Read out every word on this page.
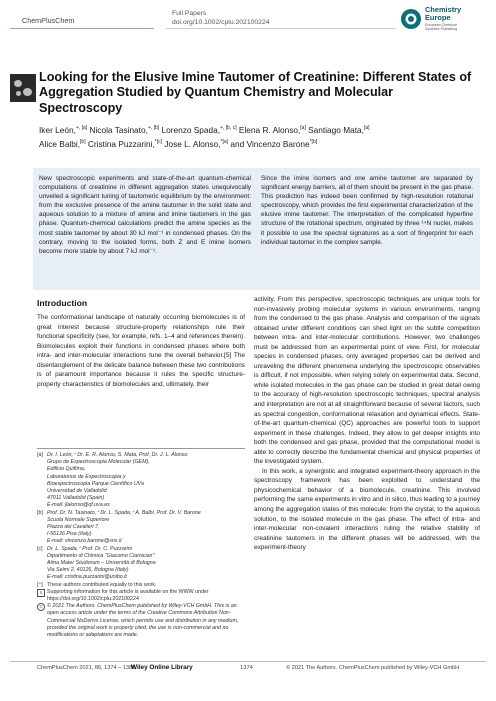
ChemPlusChem
Full Papers
doi.org/10.1002/cplu.202100224
Chemistry
Europe
European Chemical
Societies Publishing
Looking for the Elusive Imine Tautomer of Creatinine: Different States of Aggregation Studied by Quantum Chemistry and Molecular Spectroscopy
Iker León,$^{+, [a]}$ Nicola Tasinato,$^{+, [b]}$ Lorenzo Spada,$^{+, [b, c]}$ Elena R. Alonso,[a] Santiago Mata,[a]
Alice Balbi,[b] Cristina Puzzarini,$^{*[c]}$ Jose L. Alonso,$^{*[a]}$ and Vincenzo Barone$^{*[b]}$
New spectroscopic experiments and state-of-the-art quantum-chemical computations of creatinine in different aggregation states unequivocally unveiled a significant tuning of tautomeric equilibrium by the environment: from the exclusive presence of the amine tautomer in the solid state and aqueous solution to a mixture of amine and imine tautomers in the gas phase. Quantum-chemical calculations predict the amine species as the most stable tautomer by about 30 kJ mol⁻¹ in condensed phases. On the contrary, moving to the isolated forms, both Z and E imine isomers become more stable by about 7 kJ mol⁻¹.
Since the imine isomers and one amine tautomer are separated by significant energy barriers, all of them should be present in the gas phase. This prediction has indeed been confirmed by high-resolution rotational spectroscopy, which provides the first experimental characterization of the elusive imine tautomer. The interpretation of the complicated hyperfine structure of the rotational spectrum, originated by three ¹⁴N nuclei, makes it possible to use the spectral signatures as a sort of fingerprint for each individual tautomer in the complex sample.
Introduction

The conformational landscape of naturally occurring biomolecules is of great interest because structure-property relationships rule their functional specificity (see, for example, refs. 1–4 and references therein). Biomolecules exploit their functions in condensed phases where both intra- and inter-molecular interactions tune the overall behavior.[5] The disentanglement of the delicate balance between these two contributions is of paramount importance because it rules the specific structure-property characteristics of biomolecules and, ultimately, their

activity. From this perspective, spectroscopic techniques are unique tools for non-invasively probing molecular systems in various environments, ranging from the condensed to the gas phase. Analysis and comparison of the signals obtained under different conditions can shed light on the subtle competition between intra- and inter-molecular contributions. However, two challenges must be addressed from an experimental point of view. First, for molecular species in condensed phases, only averaged properties can be derived and unraveling the different phenomena underlying the spectroscopic observables is difficult, if not impossible, when relying solely on experimental data. Second, while isolated molecules in the gas phase can be studied in great detail owing to the accuracy of high-resolution spectroscopic techniques, spectral analysis and interpretation are not at all straightforward because of several factors, such as spectral congestion, conformational relaxation and dynamical effects. State-of-the-art quantum-chemical (QC) approaches are powerful tools to support experiment in these challenges. Indeed, they allow to get deeper insights into both the condensed and gas phase, provided that the computational model is able to correctly describe the fundamental chemical and physical properties of the investigated system.

In this work, a synergistic and integrated experiment-theory approach in the spectroscopy framework has been exploited to understand the physicochemical behavior of a biomolecule, creatinine. This involved performing the same experiments in vitro and in silico, thus leading to a journey among the aggregation states of this molecule: from the crystal, to the aqueous solution, to the isolated molecule in the gas phase. The effect of intra- and inter-molecular non-covalent interactions ruling the relative stability of creatinine tautomers in the different phases will be addressed, with the experiment-theory

[a] Dr. I. León,⁺ Dr. E. R. Alonso, S. Mata, Prof. Dr. J. L. Alonso
Grupo de Espectroscopia Molecular (GEM),
Edificio Quifima,
Laboratorios de Espectroscopia y
Bioespectroscopia Parque Científico UVa
Universidad de Valladolid
47011 Valladolid (Spain)
E-mail: jlalonso@qf.uva.es
[b] Prof. Dr. N. Tasinato,⁺ Dr. L. Spada,⁺ A. Balbi, Prof. Dr. V. Barone
Scuola Normale Superiore
Piazza dei Cavalieri 7,
I-56126 Pisa (Italy)
E-mail: vincenzo.barone@sns.it
[c] Dr. L. Spada,⁺ Prof. Dr. C. Puzzarini
Dipartimento di Chimica "Giacomo Ciamician"
Alma Mater Studiorum – Università di Bologna
Via Selmi 2, 40126, Bologna (Italy)
E-mail: cristina.puzzarini@unibo.it
[⁺] These authors contributed equally to this work.
S Supporting information for this article is available on the WWW under https://doi.org/10.1002/cplu.202100224
© © 2021 The Authors. ChemPlusChem published by Wiley-VCH GmbH. This is an open access article under the terms of the Creative Commons Attribution Non-Commercial NoDerivs License, which permits use and distribution in any medium, provided the original work is properly cited, the use is non-commercial and no modifications or adaptations are made.
ChemPlusChem 2021, 86, 1374 – 1386
Wiley Online Library	1374	© 2021 The Authors. ChemPlusChem published by Wiley-VCH GmbH
